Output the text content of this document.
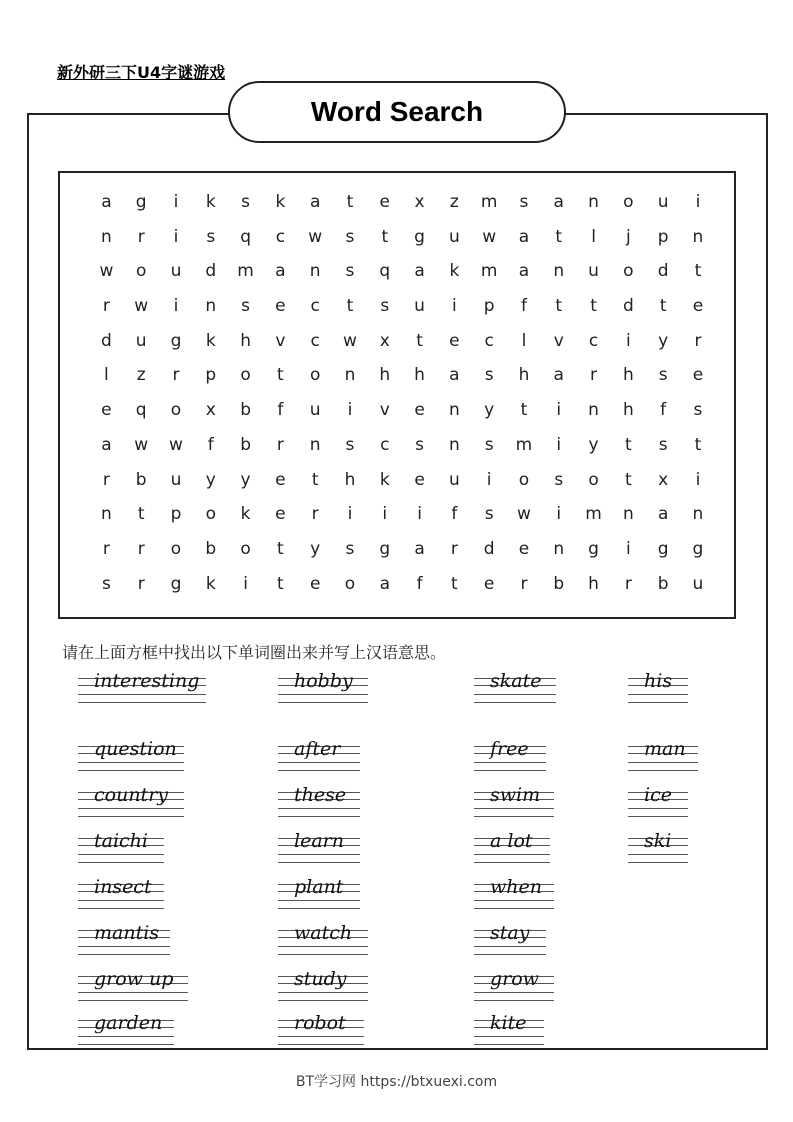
新外研三下U4字谜游戏
Word Search
a	g	i	k	s	k	a	t	e	x	z	m	s	a	n	o	u	i
n	r	i	s	q	c	w	s	t	g	u	w	a	t	l	j	p	n
w	o	u	d	m	a	n	s	q	a	k	m	a	n	u	o	d	t
r	w	i	n	s	e	c	t	s	u	i	p	f	t	t	d	t	e
d	u	g	k	h	v	c	w	x	t	e	c	l	v	c	i	y	r
l	z	r	p	o	t	o	n	h	h	a	s	h	a	r	h	s	e
e	q	o	x	b	f	u	i	v	e	n	y	t	i	n	h	f	s
a	w	w	f	b	r	n	s	c	s	n	s	m	i	y	t	s	t
r	b	u	y	y	e	t	h	k	e	u	i	o	s	o	t	x	i
n	t	p	o	k	e	r	i	i	i	f	s	w	i	m	n	a	n
r	r	o	b	o	t	y	s	g	a	r	d	e	n	g	i	g	g
s	r	g	k	i	t	e	o	a	f	t	e	r	b	h	r	b	u
请在上面方框中找出以下单词圈出来并写上汉语意思。
interesting
question
country
taichi
insect
mantis
grow up
garden
hobby
after
these
learn
plant
watch
study
robot
skate
free
swim
a lot
when
stay
grow
kite
his
man
ice
ski
BT学习网 https://btxuexi.com
